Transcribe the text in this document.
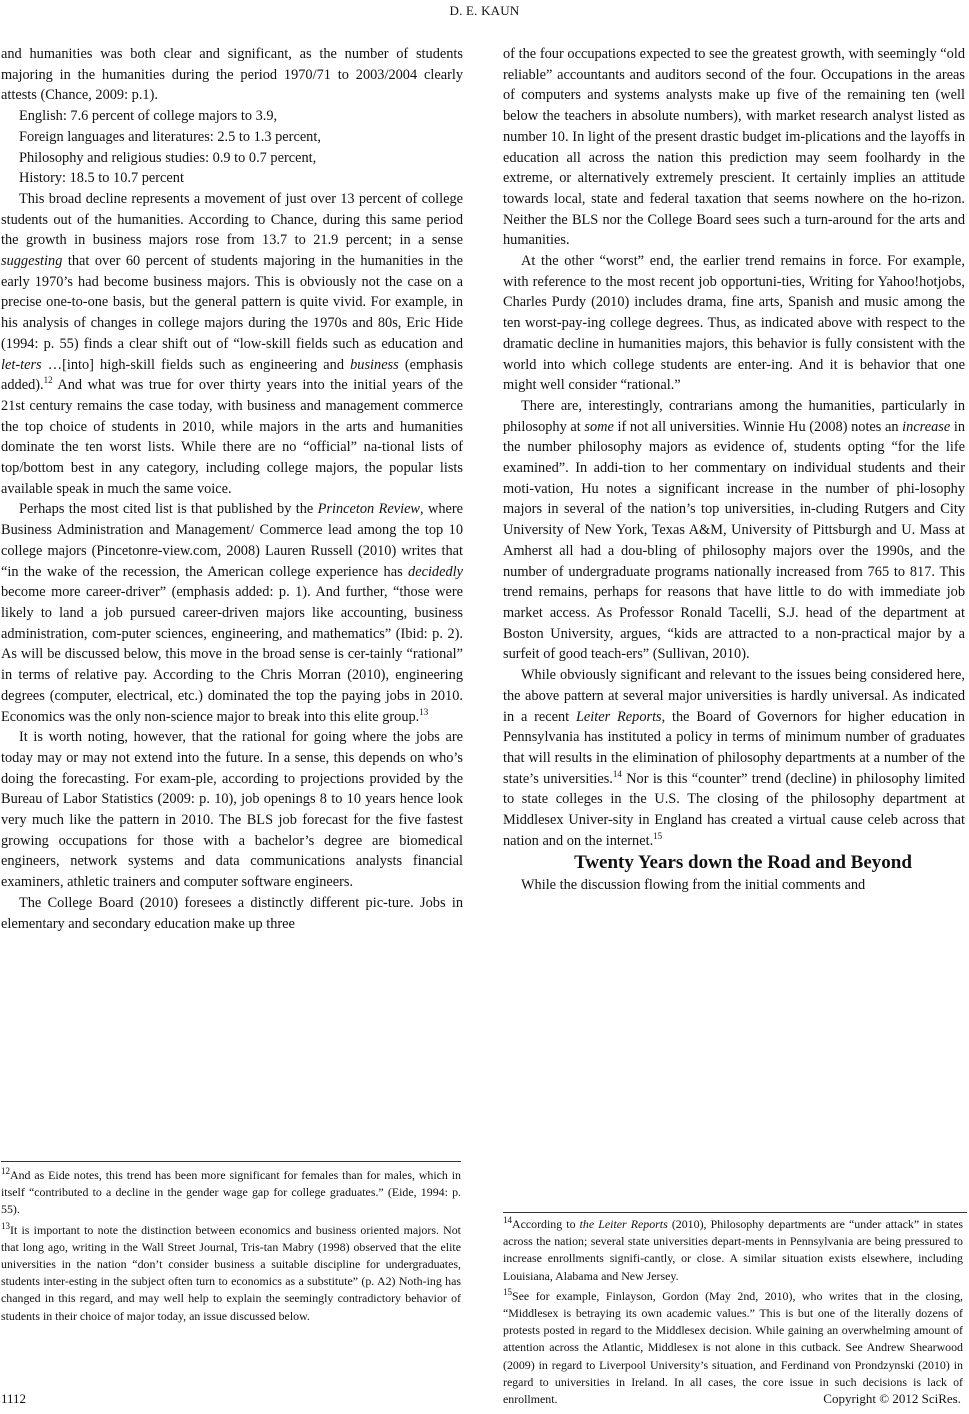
D. E. KAUN

and humanities was both clear and significant, as the number of students majoring in the humanities during the period 1970/71 to 2003/2004 clearly attests (Chance, 2009: p.1).

English: 7.6 percent of college majors to 3.9,

Foreign languages and literatures: 2.5 to 1.3 percent,

Philosophy and religious studies: 0.9 to 0.7 percent,

History: 18.5 to 10.7 percent

This broad decline represents a movement of just over 13 percent of college students out of the humanities. According to Chance, during this same period the growth in business majors rose from 13.7 to 21.9 percent; in a sense suggesting that over 60 percent of students majoring in the humanities in the early 1970’s had become business majors. This is obviously not the case on a precise one-to-one basis, but the general pattern is quite vivid. For example, in his analysis of changes in college majors during the 1970s and 80s, Eric Hide (1994: p. 55) finds a clear shift out of “low-skill fields such as education and let-ters …[into] high-skill fields such as engineering and business (emphasis added).$^{12}$ And what was true for over thirty years into the initial years of the 21st century remains the case today, with business and management commerce the top choice of students in 2010, while majors in the arts and humanities dominate the ten worst lists. While there are no “official” na-tional lists of top/bottom best in any category, including college majors, the popular lists available speak in much the same voice.

Perhaps the most cited list is that published by the Princeton Review, where Business Administration and Management/ Commerce lead among the top 10 college majors (Pincetonre-view.com, 2008) Lauren Russell (2010) writes that “in the wake of the recession, the American college experience has decidedly become more career-driver” (emphasis added: p. 1). And further, “those were likely to land a job pursued career-driven majors like accounting, business administration, com-puter sciences, engineering, and mathematics” (Ibid: p. 2). As will be discussed below, this move in the broad sense is cer-tainly “rational” in terms of relative pay. According to the Chris Morran (2010), engineering degrees (computer, electrical, etc.) dominated the top the paying jobs in 2010. Economics was the only non-science major to break into this elite group.$^{13}$

It is worth noting, however, that the rational for going where the jobs are today may or may not extend into the future. In a sense, this depends on who’s doing the forecasting. For exam-ple, according to projections provided by the Bureau of Labor Statistics (2009: p. 10), job openings 8 to 10 years hence look very much like the pattern in 2010. The BLS job forecast for the five fastest growing occupations for those with a bachelor’s degree are biomedical engineers, network systems and data communications analysts financial examiners, athletic trainers and computer software engineers.

The College Board (2010) foresees a distinctly different pic-ture. Jobs in elementary and secondary education make up three

$^{12}$And as Eide notes, this trend has been more significant for females than for males, which in itself “contributed to a decline in the gender wage gap for college graduates.” (Eide, 1994: p. 55).

$^{13}$It is important to note the distinction between economics and business oriented majors. Not that long ago, writing in the Wall Street Journal, Tris-tan Mabry (1998) observed that the elite universities in the nation “don’t consider business a suitable discipline for undergraduates, students inter-esting in the subject often turn to economics as a substitute” (p. A2) Noth-ing has changed in this regard, and may well help to explain the seemingly contradictory behavior of students in their choice of major today, an issue discussed below.

of the four occupations expected to see the greatest growth, with seemingly “old reliable” accountants and auditors second of the four. Occupations in the areas of computers and systems analysts make up five of the remaining ten (well below the teachers in absolute numbers), with market research analyst listed as number 10. In light of the present drastic budget im-plications and the layoffs in education all across the nation this prediction may seem foolhardy in the extreme, or alternatively extremely prescient. It certainly implies an attitude towards local, state and federal taxation that seems nowhere on the ho-rizon. Neither the BLS nor the College Board sees such a turn-around for the arts and humanities.

At the other “worst” end, the earlier trend remains in force. For example, with reference to the most recent job opportuni-ties, Writing for Yahoo!hotjobs, Charles Purdy (2010) includes drama, fine arts, Spanish and music among the ten worst-pay-ing college degrees. Thus, as indicated above with respect to the dramatic decline in humanities majors, this behavior is fully consistent with the world into which college students are enter-ing. And it is behavior that one might well consider “rational.”

There are, interestingly, contrarians among the humanities, particularly in philosophy at some if not all universities. Winnie Hu (2008) notes an increase in the number philosophy majors as evidence of, students opting “for the life examined”. In addi-tion to her commentary on individual students and their moti-vation, Hu notes a significant increase in the number of phi-losophy majors in several of the nation’s top universities, in-cluding Rutgers and City University of New York, Texas A&M, University of Pittsburgh and U. Mass at Amherst all had a dou-bling of philosophy majors over the 1990s, and the number of undergraduate programs nationally increased from 765 to 817. This trend remains, perhaps for reasons that have little to do with immediate job market access. As Professor Ronald Tacelli, S.J. head of the department at Boston University, argues, “kids are attracted to a non-practical major by a surfeit of good teach-ers” (Sullivan, 2010).

While obviously significant and relevant to the issues being considered here, the above pattern at several major universities is hardly universal. As indicated in a recent Leiter Reports, the Board of Governors for higher education in Pennsylvania has instituted a policy in terms of minimum number of graduates that will results in the elimination of philosophy departments at a number of the state’s universities.$^{14}$ Nor is this “counter” trend (decline) in philosophy limited to state colleges in the U.S. The closing of the philosophy department at Middlesex Univer-sity in England has created a virtual cause celeb across that nation and on the internet.$^{15}$

Twenty Years down the Road and Beyond

While the discussion flowing from the initial comments and

$^{14}$According to the Leiter Reports (2010), Philosophy departments are “under attack” in states across the nation; several state universities depart-ments in Pennsylvania are being pressured to increase enrollments signifi-cantly, or close. A similar situation exists elsewhere, including Louisiana, Alabama and New Jersey.

$^{15}$See for example, Finlayson, Gordon (May 2nd, 2010), who writes that in the closing, “Middlesex is betraying its own academic values.” This is but one of the literally dozens of protests posted in regard to the Middlesex decision. While gaining an overwhelming amount of attention across the Atlantic, Middlesex is not alone in this cutback. See Andrew Shearwood (2009) in regard to Liverpool University’s situation, and Ferdinand von Prondzynski (2010) in regard to universities in Ireland. In all cases, the core issue in such decisions is lack of enrollment.

1112	Copyright © 2012 SciRes.
